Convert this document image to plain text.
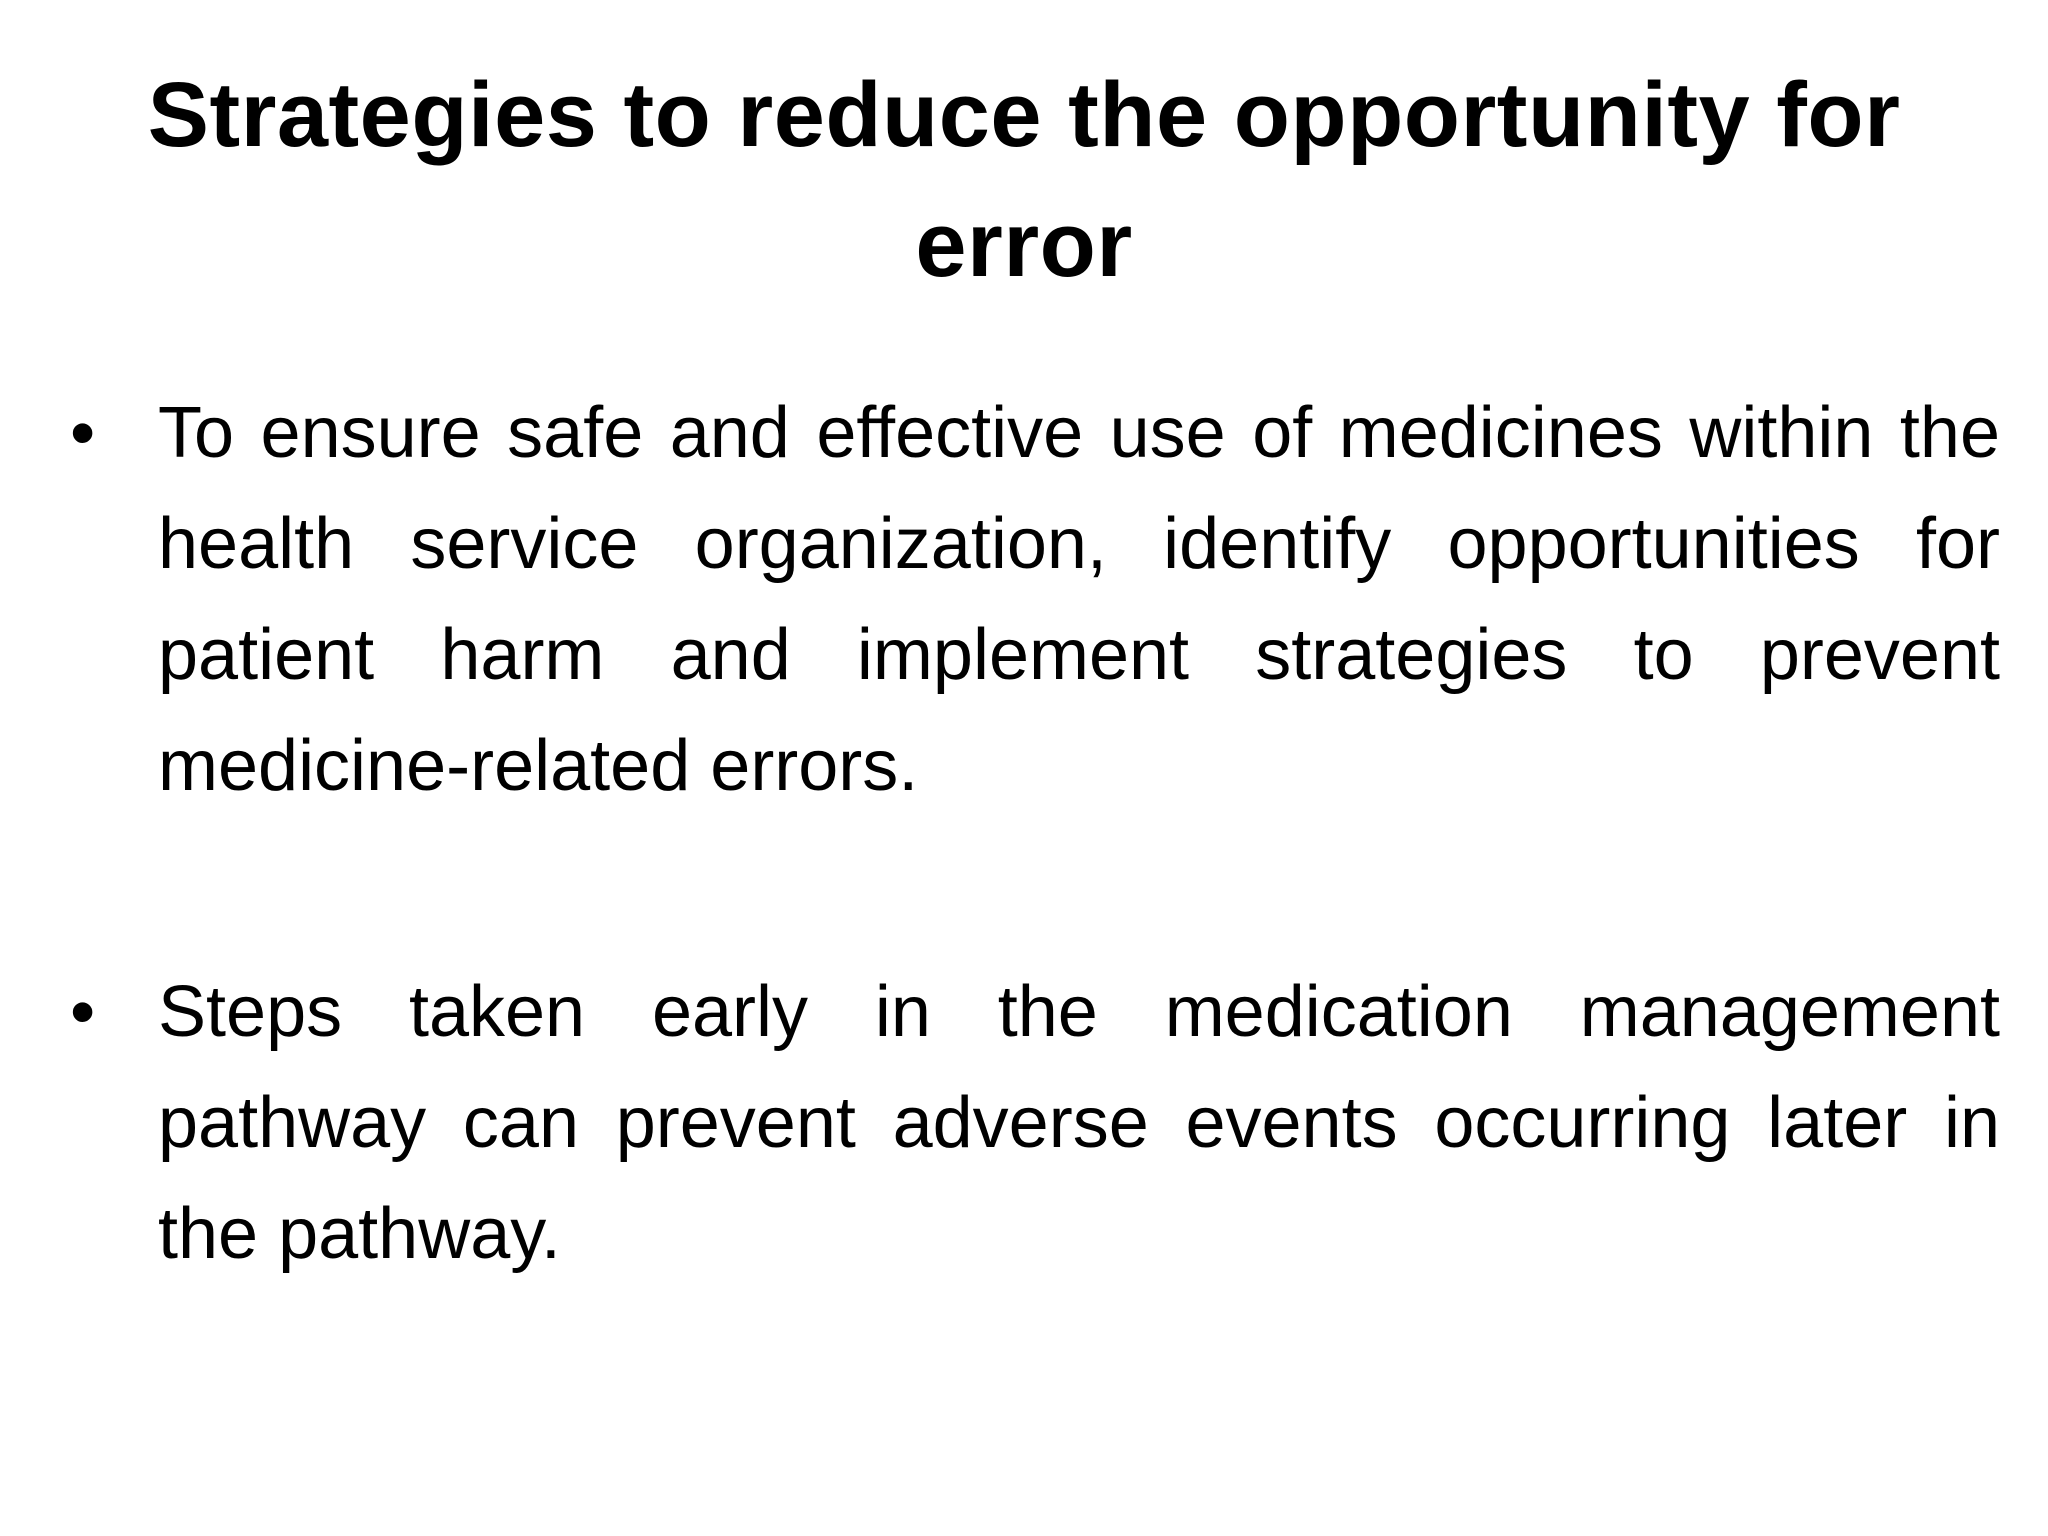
Strategies to reduce the opportunity for error
• To ensure safe and effective use of medicines within the health service organization, identify opportunities for patient harm and implement strategies to prevent medicine-related errors.
• Steps taken early in the medication management pathway can prevent adverse events occurring later in the pathway.
